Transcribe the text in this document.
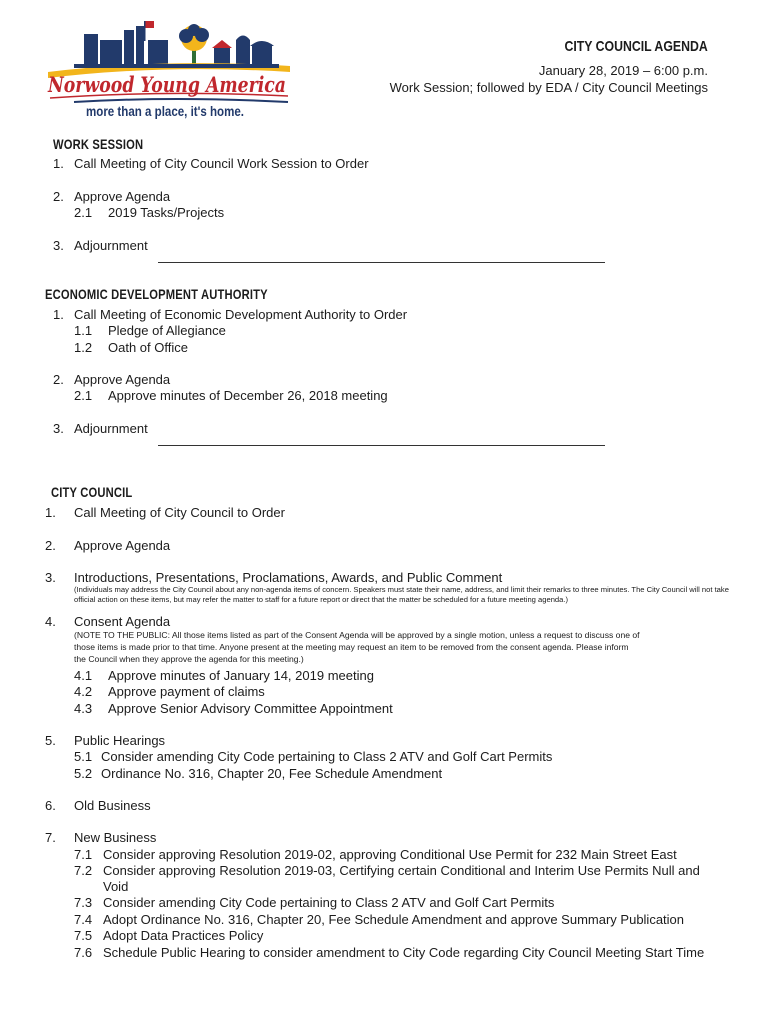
Norwood Young America
more than a place, it's home.
CITY COUNCIL AGENDA
January 28, 2019 – 6:00 p.m.
Work Session; followed by EDA / City Council Meetings
WORK SESSION
1. Call Meeting of City Council Work Session to Order
2. Approve Agenda
2.1 2019 Tasks/Projects
3. Adjournment
ECONOMIC DEVELOPMENT AUTHORITY
1. Call Meeting of Economic Development Authority to Order
1.1 Pledge of Allegiance
1.2 Oath of Office
2. Approve Agenda
2.1 Approve minutes of December 26, 2018 meeting
3. Adjournment
CITY COUNCIL
1. Call Meeting of City Council to Order
2. Approve Agenda
3. Introductions, Presentations, Proclamations, Awards, and Public Comment
(Individuals may address the City Council about any non-agenda items of concern. Speakers must state their name, address, and limit their remarks to three minutes. The City Council will not take
official action on these items, but may refer the matter to staff for a future report or direct that the matter be scheduled for a future meeting agenda.)
4. Consent Agenda
(NOTE TO THE PUBLIC: All those items listed as part of the Consent Agenda will be approved by a single motion, unless a request to discuss one of
those items is made prior to that time. Anyone present at the meeting may request an item to be removed from the consent agenda. Please inform
the Council when they approve the agenda for this meeting.)
4.1 Approve minutes of January 14, 2019 meeting
4.2 Approve payment of claims
4.3 Approve Senior Advisory Committee Appointment
5. Public Hearings
5.1 Consider amending City Code pertaining to Class 2 ATV and Golf Cart Permits
5.2 Ordinance No. 316, Chapter 20, Fee Schedule Amendment
6. Old Business
7. New Business
7.1 Consider approving Resolution 2019-02, approving Conditional Use Permit for 232 Main Street East
7.2 Consider approving Resolution 2019-03, Certifying certain Conditional and Interim Use Permits Null and
Void
7.3 Consider amending City Code pertaining to Class 2 ATV and Golf Cart Permits
7.4 Adopt Ordinance No. 316, Chapter 20, Fee Schedule Amendment and approve Summary Publication
7.5 Adopt Data Practices Policy
7.6 Schedule Public Hearing to consider amendment to City Code regarding City Council Meeting Start Time
